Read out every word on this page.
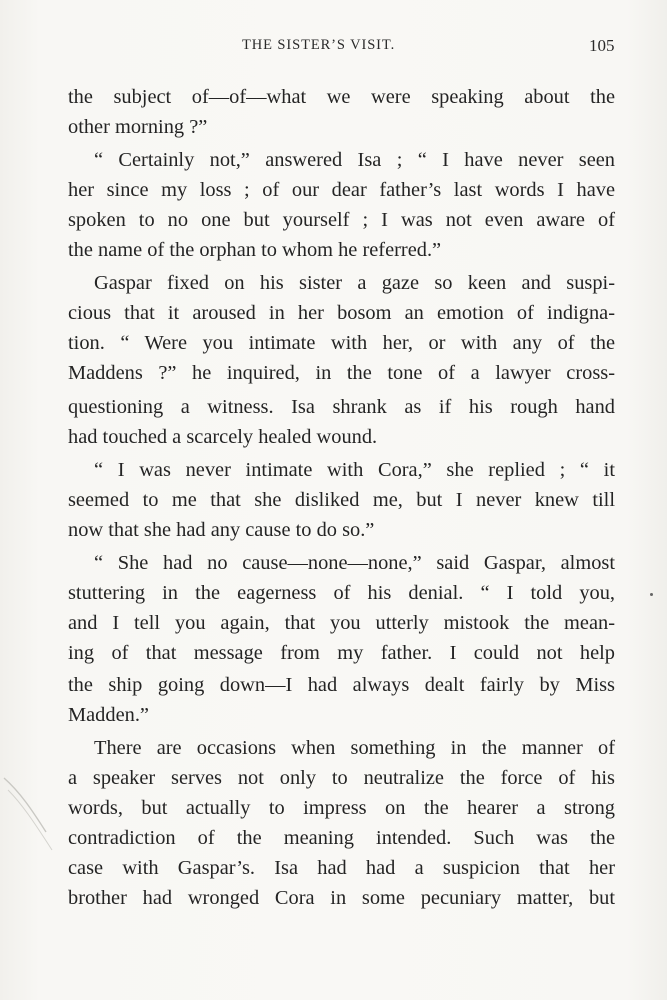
THE SISTER’S VISIT.	105
the subject of—of––what we were speaking about the
other morning ?”
“ Certainly not,” answered Isa ; “ I have never seen
her since my loss ; of our dear father’s last words I have
spoken to no one but yourself ; I was not even aware of
the name of the orphan to whom he referred.”
Gaspar fixed on his sister a gaze so keen and suspi-
cious that it aroused in her bosom an emotion of indigna-
tion. “ Were you intimate with her, or with any of the
Maddens ?” he inquired, in the tone of a lawyer cross-
questioning a witness. Isa shrank as if his rough hand
had touched a scarcely healed wound.
“ I was never intimate with Cora,” she replied ; “ it
seemed to me that she disliked me, but I never knew till
now that she had any cause to do so.”
“ She had no cause—none—none,” said Gaspar, almost
stuttering in the eagerness of his denial. “ I told you,
and I tell you again, that you utterly mistook the mean-
ing of that message from my father. I could not help
the ship going down—I had always dealt fairly by Miss
Madden.”
There are occasions when something in the manner of
a speaker serves not only to neutralize the force of his
words, but actually to impress on the hearer a strong
contradiction of the meaning intended. Such was the
case with Gaspar’s. Isa had had a suspicion that her
brother had wronged Cora in some pecuniary matter, but
